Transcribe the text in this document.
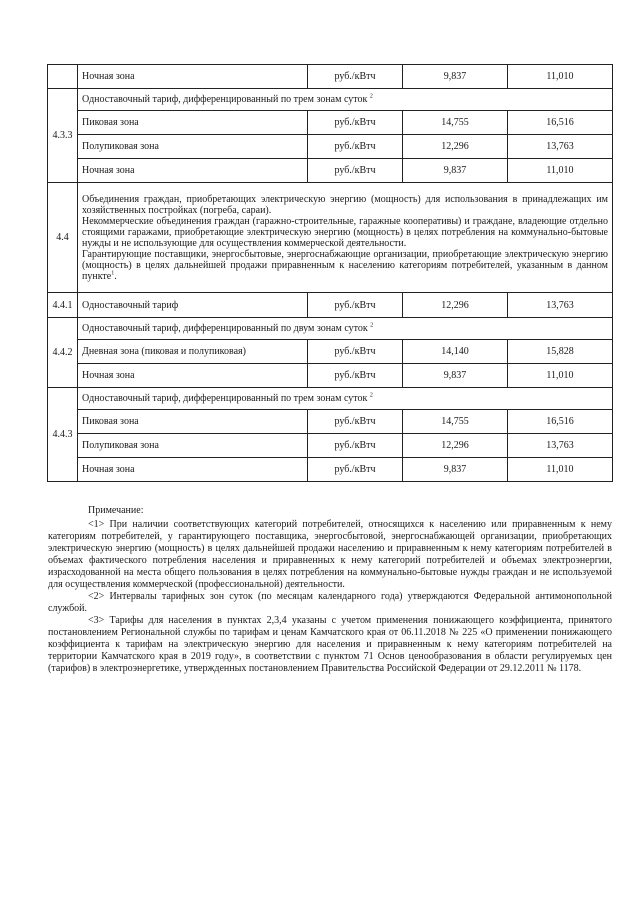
	Ночная зона	руб./кВтч	9,837	11,010
4.3.3	Одноставочный тариф, дифференцированный по трем зонам суток $^2$
	Пиковая зона	руб./кВтч	14,755	16,516
	Полупиковая зона	руб./кВтч	12,296	13,763
	Ночная зона	руб./кВтч	9,837	11,010
4.4	Объединения граждан, приобретающих электрическую энергию (мощность) для использования в принадлежащих им хозяйственных постройках (погреба, сараи).

Некоммерческие объединения граждан (гаражно-строительные, гаражные кооперативы) и граждане, владеющие отдельно стоящими гаражами, приобретающие электрическую энергию (мощность) в целях потребления на коммунально-бытовые нужды и не использующие для осуществления коммерческой деятельности.

Гарантирующие поставщики, энергосбытовые, энергоснабжающие организации, приобретающие электрическую энергию (мощность) в целях дальнейшей продажи приравненным к населению категориям потребителей, указанным в данном пункте$^1$.			

4.4.1	Одноставочный тариф	руб./кВтч	12,296	13,763
4.4.2	Одноставочный тариф, дифференцированный по двум зонам суток $^2$
	Дневная зона (пиковая и полупиковая)	руб./кВтч	14,140	15,828
	Ночная зона	руб./кВтч	9,837	11,010
4.4.3	Одноставочный тариф, дифференцированный по трем зонам суток $^2$
	Пиковая зона	руб./кВтч	14,755	16,516
	Полупиковая зона	руб./кВтч	12,296	13,763
	Ночная зона	руб./кВтч	9,837	11,010

Примечание:

<1> При наличии соответствующих категорий потребителей, относящихся к населению или приравненным к нему категориям потребителей, у гарантирующего поставщика, энергосбытовой, энергоснабжающей организации, приобретающих электрическую энергию (мощность) в целях дальнейшей продажи населению и приравненным к нему категориям потребителей в объемах фактического потребления населения и приравненных к нему категорий потребителей и объемах электроэнергии, израсходованной на места общего пользования в целях потребления на коммунально-бытовые нужды граждан и не используемой для осуществления коммерческой (профессиональной) деятельности.

<2> Интервалы тарифных зон суток (по месяцам календарного года) утверждаются Федеральной антимонопольной службой.

<3> Тарифы для населения в пунктах 2,3,4 указаны с учетом применения понижающего коэффициента, принятого постановлением Региональной службы по тарифам и ценам Камчатского края от 06.11.2018 № 225 «О применении понижающего коэффициента к тарифам на электрическую энергию для населения и приравненным к нему категориям потребителей на территории Камчатского края в 2019 году», в соответствии с пунктом 71 Основ ценообразования в области регулируемых цен (тарифов) в электроэнергетике, утвержденных постановлением Правительства Российской Федерации от 29.12.2011 № 1178.
